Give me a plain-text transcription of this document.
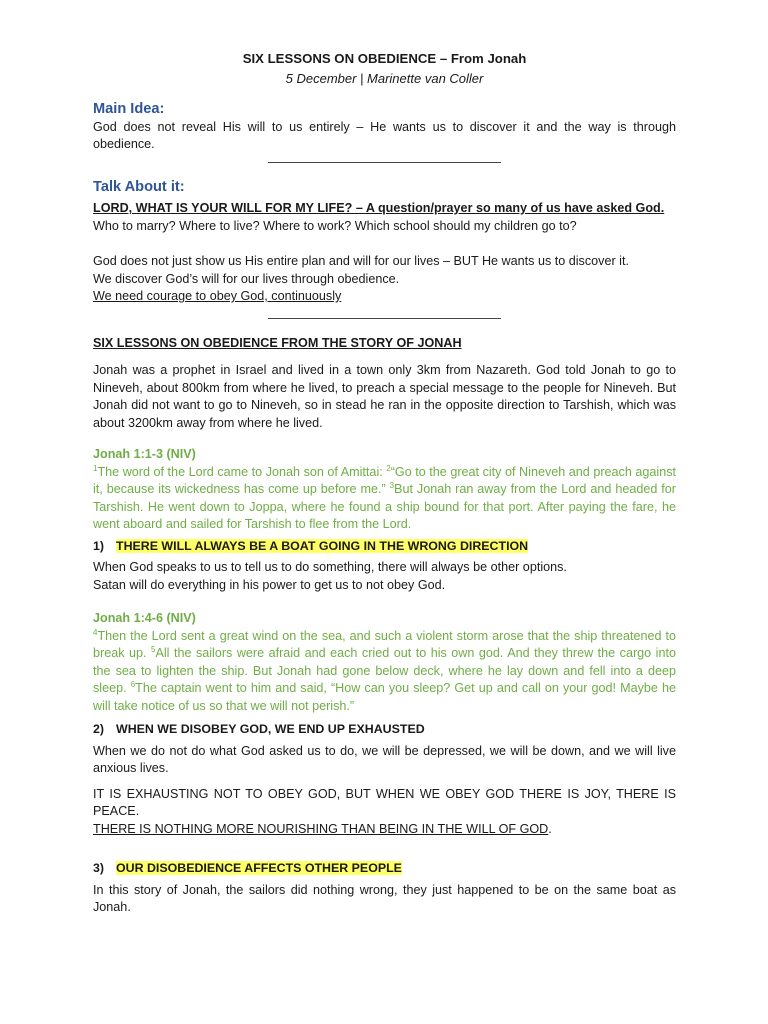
SIX LESSONS ON OBEDIENCE – From Jonah

5 December | Marinette van Coller

Main Idea:

God does not reveal His will to us entirely – He wants us to discover it and the way is through obedience.

Talk About it:

LORD, WHAT IS YOUR WILL FOR MY LIFE? – A question/prayer so many of us have asked God.

Who to marry? Where to live? Where to work? Which school should my children go to?

God does not just show us His entire plan and will for our lives – BUT He wants us to discover it.

We discover God’s will for our lives through obedience.

We need courage to obey God, continuously

SIX LESSONS ON OBEDIENCE FROM THE STORY OF JONAH

Jonah was a prophet in Israel and lived in a town only 3km from Nazareth. God told Jonah to go to Nineveh, about 800km from where he lived, to preach a special message to the people for Nineveh. But Jonah did not want to go to Nineveh, so in stead he ran in the opposite direction to Tarshish, which was about 3200km away from where he lived.

Jonah 1:1-3 (NIV)

$^1$The word of the Lord came to Jonah son of Amittai: $^2$“Go to the great city of Nineveh and preach against it, because its wickedness has come up before me.” $^3$But Jonah ran away from the Lord and headed for Tarshish. He went down to Joppa, where he found a ship bound for that port. After paying the fare, he went aboard and sailed for Tarshish to flee from the Lord.

1) THERE WILL ALWAYS BE A BOAT GOING IN THE WRONG DIRECTION

When God speaks to us to tell us to do something, there will always be other options.

Satan will do everything in his power to get us to not obey God.

Jonah 1:4-6 (NIV)

$^4$Then the Lord sent a great wind on the sea, and such a violent storm arose that the ship threatened to break up. $^5$All the sailors were afraid and each cried out to his own god. And they threw the cargo into the sea to lighten the ship. But Jonah had gone below deck, where he lay down and fell into a deep sleep. $^6$The captain went to him and said, “How can you sleep? Get up and call on your god! Maybe he will take notice of us so that we will not perish.”

2) WHEN WE DISOBEY GOD, WE END UP EXHAUSTED

When we do not do what God asked us to do, we will be depressed, we will be down, and we will live anxious lives.

IT IS EXHAUSTING NOT TO OBEY GOD, BUT WHEN WE OBEY GOD THERE IS JOY, THERE IS PEACE.

THERE IS NOTHING MORE NOURISHING THAN BEING IN THE WILL OF GOD.

3) OUR DISOBEDIENCE AFFECTS OTHER PEOPLE

In this story of Jonah, the sailors did nothing wrong, they just happened to be on the same boat as Jonah.
